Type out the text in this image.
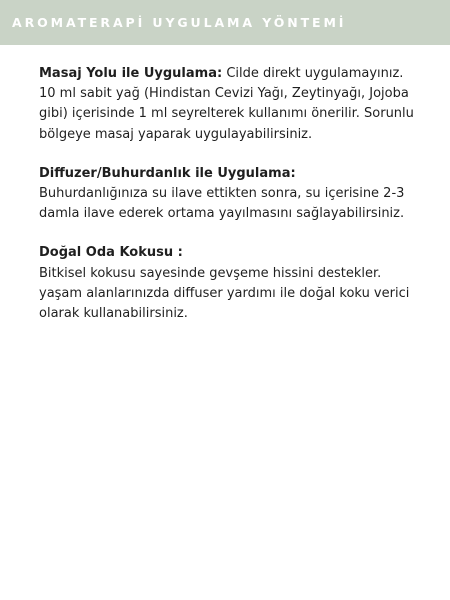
AROMATERAPİ UYGULAMA YÖNTEMİ
Masaj Yolu ile Uygulama: Cilde direkt uygulamayınız. 10 ml sabit yağ (Hindistan Cevizi Yağı, Zeytinyağı, Jojoba gibi) içerisinde 1 ml seyrelterek kullanımı önerilir. Sorunlu bölgeye masaj yaparak uygulayabilirsiniz.
Diffuzer/Buhurdanlık ile Uygulama:
Buhurdanlığınıza su ilave ettikten sonra, su içerisine 2-3 damla ilave ederek ortama yayılmasını sağlayabilirsiniz.
Doğal Oda Kokusu :
Bitkisel kokusu sayesinde gevşeme hissini destekler. yaşam alanlarınızda diffuser yardımı ile doğal koku verici olarak kullanabilirsiniz.
